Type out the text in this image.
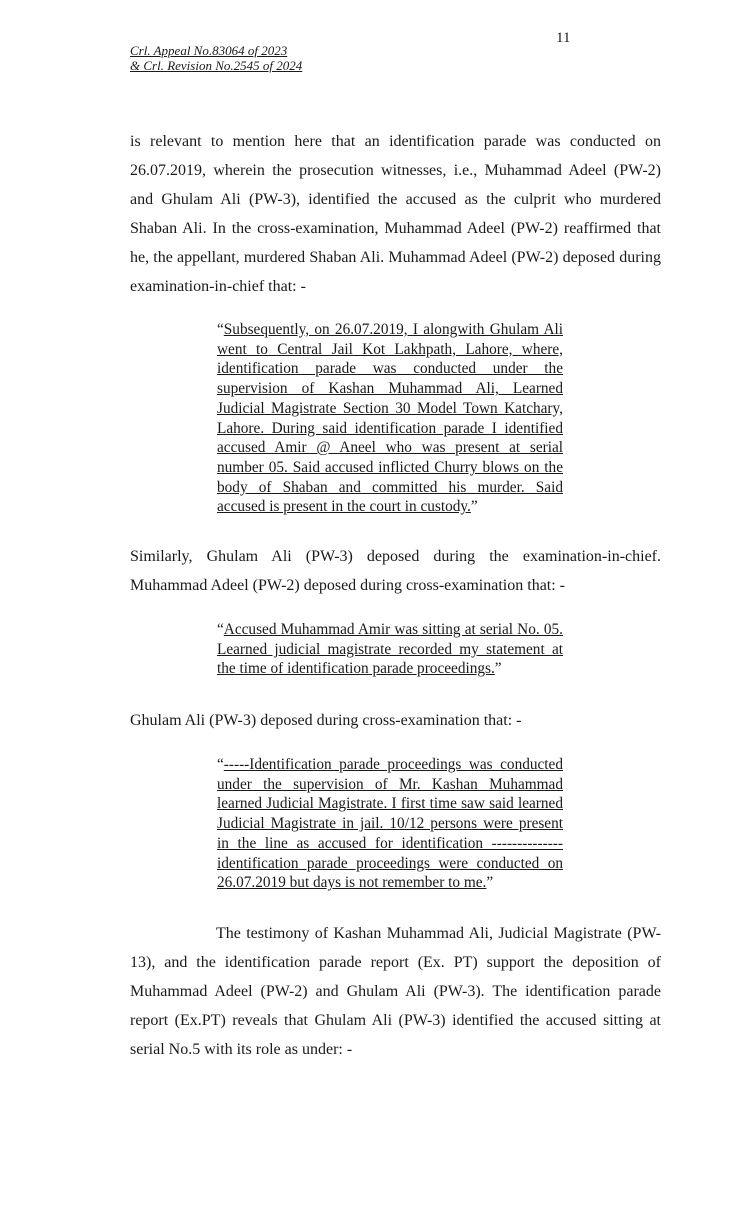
11
Crl. Appeal No.83064 of 2023
& Crl. Revision No.2545 of 2024

is relevant to mention here that an identification parade was conducted on 26.07.2019, wherein the prosecution witnesses, i.e., Muhammad Adeel (PW-2) and Ghulam Ali (PW-3), identified the accused as the culprit who murdered Shaban Ali. In the cross-examination, Muhammad Adeel (PW-2) reaffirmed that he, the appellant, murdered Shaban Ali. Muhammad Adeel (PW-2) deposed during examination-in-chief that: -

“Subsequently, on 26.07.2019, I alongwith Ghulam Ali went to Central Jail Kot Lakhpath, Lahore, where, identification parade was conducted under the supervision of Kashan Muhammad Ali, Learned Judicial Magistrate Section 30 Model Town Katchary, Lahore. During said identification parade I identified accused Amir @ Aneel who was present at serial number 05. Said accused inflicted Churry blows on the body of Shaban and committed his murder. Said accused is present in the court in custody.”

Similarly, Ghulam Ali (PW-3) deposed during the examination-in-chief. Muhammad Adeel (PW-2) deposed during cross-examination that: -

“Accused Muhammad Amir was sitting at serial No. 05. Learned judicial magistrate recorded my statement at the time of identification parade proceedings.”

Ghulam Ali (PW-3) deposed during cross-examination that: -

“-----Identification parade proceedings was conducted under the supervision of Mr. Kashan Muhammad learned Judicial Magistrate. I first time saw said learned Judicial Magistrate in jail. 10/12 persons were present in the line as accused for identification -------------- identification parade proceedings were conducted on 26.07.2019 but days is not remember to me.”

The testimony of Kashan Muhammad Ali, Judicial Magistrate (PW-13), and the identification parade report (Ex. PT) support the deposition of Muhammad Adeel (PW-2) and Ghulam Ali (PW-3). The identification parade report (Ex.PT) reveals that Ghulam Ali (PW-3) identified the accused sitting at serial No.5 with its role as under: -
